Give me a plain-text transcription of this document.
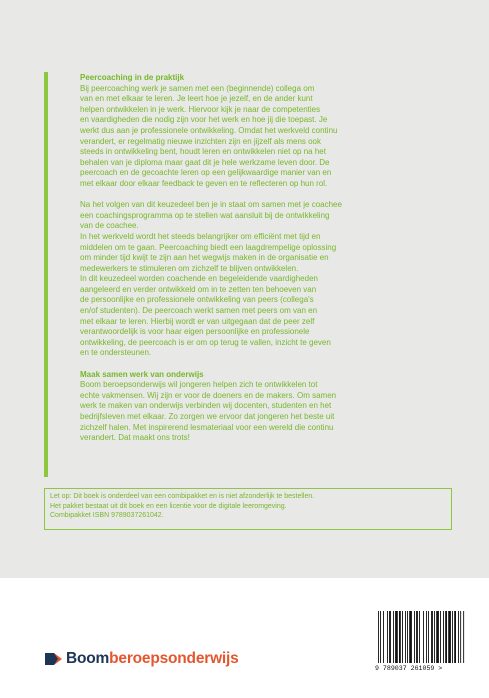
Peercoaching in de praktijk
Bij peercoaching werk je samen met een (beginnende) collega om
van en met elkaar te leren. Je leert hoe je jezelf, en de ander kunt
helpen ontwikkelen in je werk. Hiervoor kijk je naar de competenties
en vaardigheden die nodig zijn voor het werk en hoe jij die toepast. Je
werkt dus aan je professionele ontwikkeling. Omdat het werkveld continu
verandert, er regelmatig nieuwe inzichten zijn en jijzelf als mens ook
steeds in ontwikkeling bent, houdt leren en ontwikkelen niet op na het
behalen van je diploma maar gaat dit je hele werkzame leven door. De
peercoach en de gecoachte leren op een gelijkwaardige manier van en
met elkaar door elkaar feedback te geven en te reflecteren op hun rol.

Na het volgen van dit keuzedeel ben je in staat om samen met je coachee
een coachingsprogramma op te stellen wat aansluit bij de ontwikkeling
van de coachee.
In het werkveld wordt het steeds belangrijker om efficiënt met tijd en
middelen om te gaan. Peercoaching biedt een laagdrempelige oplossing
om minder tijd kwijt te zijn aan het wegwijs maken in de organisatie en
medewerkers te stimuleren om zichzelf te blijven ontwikkelen.
In dit keuzedeel worden coachende en begeleidende vaardigheden
aangeleerd en verder ontwikkeld om in te zetten ten behoeven van
de persoonlijke en professionele ontwikkeling van peers (collega's
en/of studenten). De peercoach werkt samen met peers om van en
met elkaar te leren. Hierbij wordt er van uitgegaan dat de peer zelf
verantwoordelijk is voor haar eigen persoonlijke en professionele
ontwikkeling, de peercoach is er om op terug te vallen, inzicht te geven
en te ondersteunen.

Maak samen werk van onderwijs
Boom beroepsonderwijs wil jongeren helpen zich te ontwikkelen tot
echte vakmensen. Wij zijn er voor de doeners en de makers. Om samen
werk te maken van onderwijs verbinden wij docenten, studenten en het
bedrijfsleven met elkaar. Zo zorgen we ervoor dat jongeren het beste uit
zichzelf halen. Met inspirerend lesmateriaal voor een wereld die continu
verandert. Dat maakt ons trots!

Let op: Dit boek is onderdeel van een combipakket en is niet afzonderlijk te bestellen.
Het pakket bestaat uit dit boek en een licentie voor de digitale leeromgeving.
Combipakket ISBN 9789037261042.
Boomberoepsonderwijs
9 789037 261059 >
